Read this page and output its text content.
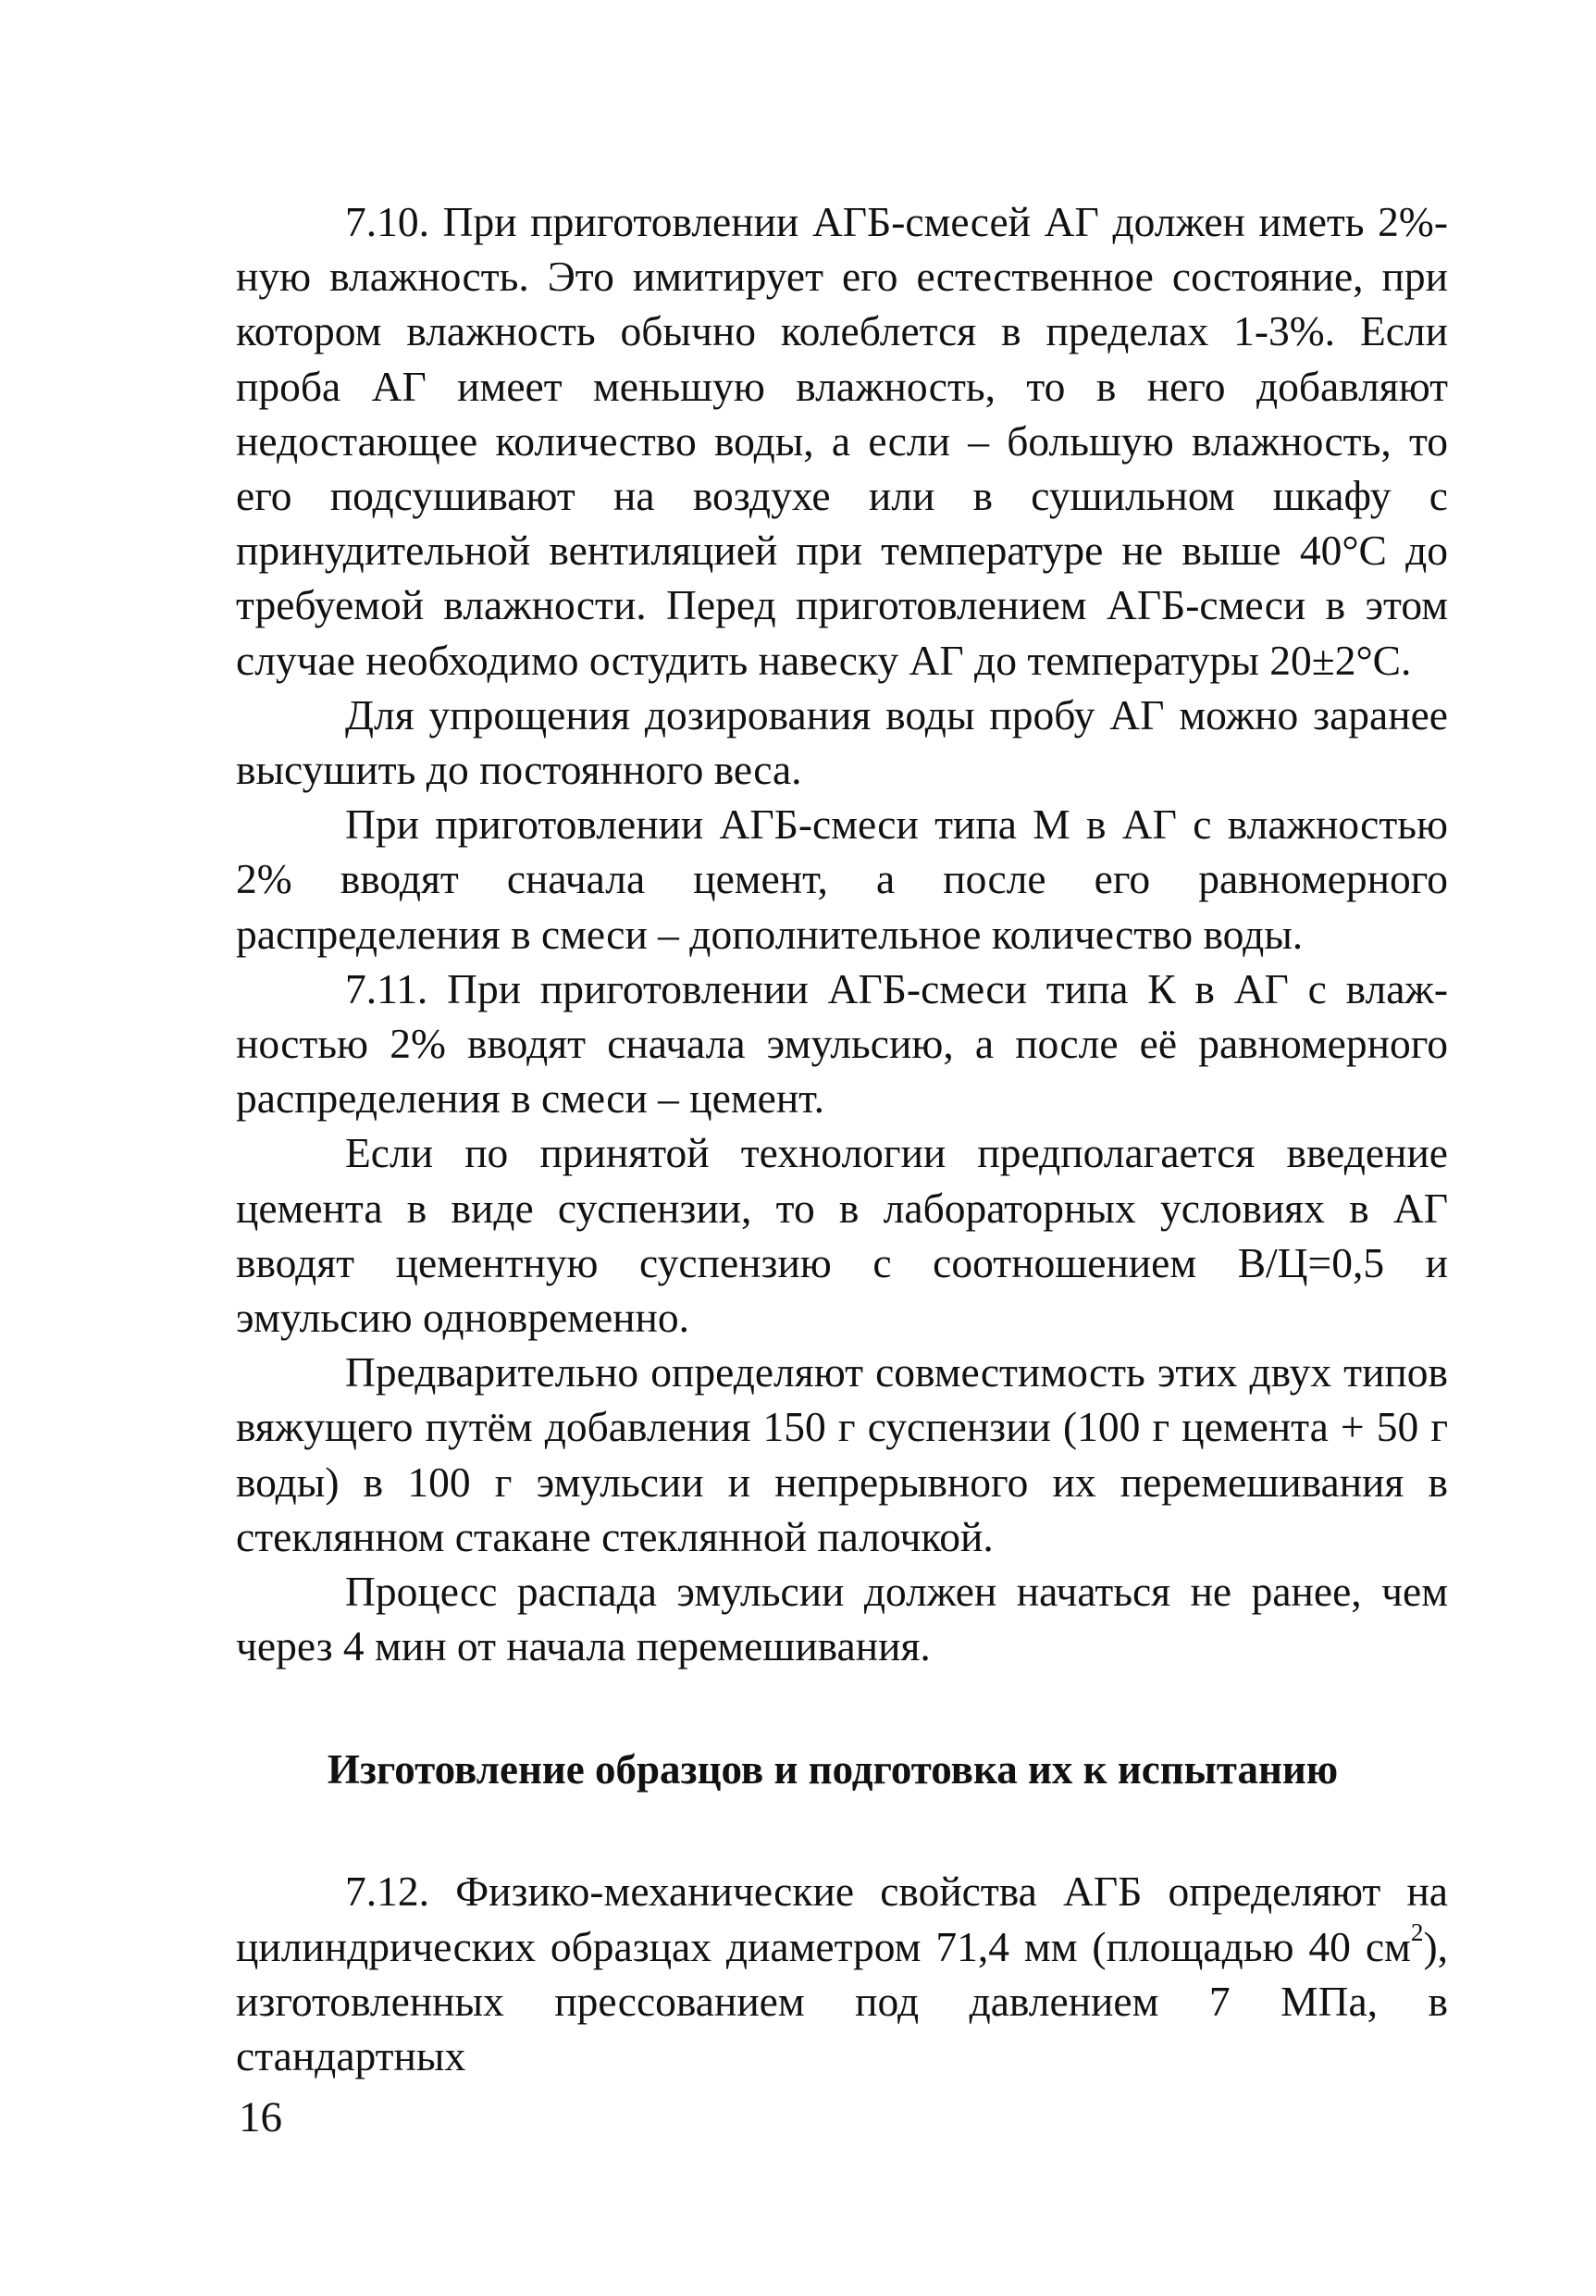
7.10. При приготовлении АГБ-смесей АГ должен иметь 2%-ную влажность. Это имитирует его естественное состояние, при котором влажность обычно колеблется в пределах 1-3%. Если проба АГ имеет меньшую влажность, то в него добавляют недостающее количество воды, а если – большую влажность, то его подсушивают на воздухе или в сушильном шкафу с принудительной вентиляцией при температуре не выше 40°С до требуемой влажности. Перед приготовлением АГБ-смеси в этом случае необходимо остудить навеску АГ до температуры 20±2°С.

Для упрощения дозирования воды пробу АГ можно заранее высушить до постоянного веса.

При приготовлении АГБ-смеси типа М в АГ с влажностью 2% вводят сначала цемент, а после его равномерного распределения в смеси – дополнительное количество воды.

7.11. При приготовлении АГБ-смеси типа К в АГ с влажностью 2% вводят сначала эмульсию, а после её равномерного распределения в смеси – цемент.

Если по принятой технологии предполагается введение цемента в виде суспензии, то в лабораторных условиях в АГ вводят цементную суспензию с соотношением В/Ц=0,5 и эмульсию одновременно.

Предварительно определяют совместимость этих двух типов вяжущего путём добавления 150 г суспензии (100 г цемента + 50 г воды) в 100 г эмульсии и непрерывного их перемешивания в стеклянном стакане стеклянной палочкой.

Процесс распада эмульсии должен начаться не ранее, чем через 4 мин от начала перемешивания.

Изготовление образцов и подготовка их к испытанию

7.12. Физико-механические свойства АГБ определяют на цилиндрических образцах диаметром 71,4 мм (площадью 40 $см^2$), изготовленных прессованием под давлением 7 МПа, в стандартных

16
